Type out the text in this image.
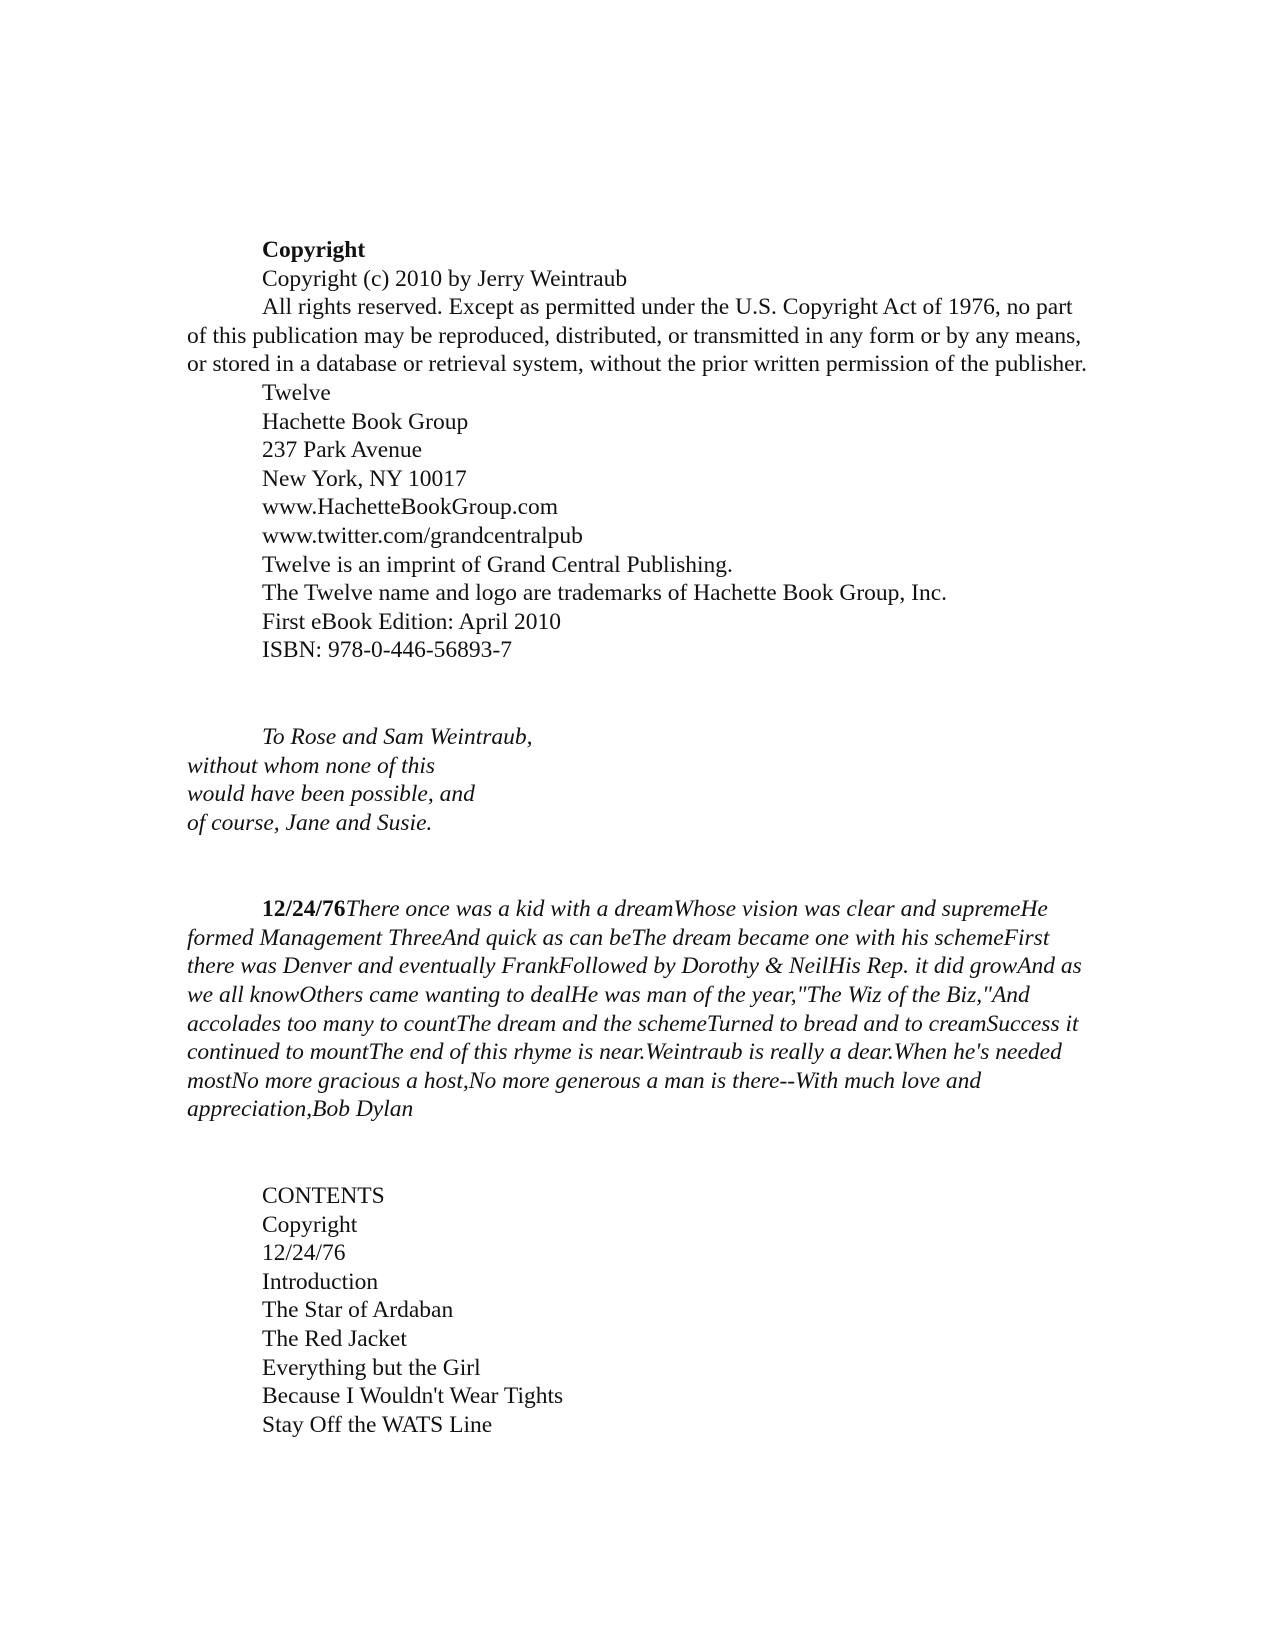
Copyright

Copyright (c) 2010 by Jerry Weintraub

All rights reserved. Except as permitted under the U.S. Copyright Act of 1976, no part of this publication may be reproduced, distributed, or transmitted in any form or by any means, or stored in a database or retrieval system, without the prior written permission of the publisher.

Twelve

Hachette Book Group

237 Park Avenue

New York, NY 10017

www.HachetteBookGroup.com

www.twitter.com/grandcentralpub

Twelve is an imprint of Grand Central Publishing.

The Twelve name and logo are trademarks of Hachette Book Group, Inc.

First eBook Edition: April 2010

ISBN: 978-0-446-56893-7

To Rose and Sam Weintraub,
without whom none of this
would have been possible, and
of course, Jane and Susie.

12/24/76There once was a kid with a dreamWhose vision was clear and supremeHe formed Management ThreeAnd quick as can beThe dream became one with his schemeFirst there was Denver and eventually FrankFollowed by Dorothy & NeilHis Rep. it did growAnd as we all knowOthers came wanting to dealHe was man of the year,"The Wiz of the Biz,"And accolades too many to countThe dream and the schemeTurned to bread and to creamSuccess it continued to mountThe end of this rhyme is near.Weintraub is really a dear.When he's needed mostNo more gracious a host,No more generous a man is there--With much love and appreciation,Bob Dylan

CONTENTS

Copyright

12/24/76

Introduction

The Star of Ardaban

The Red Jacket

Everything but the Girl

Because I Wouldn't Wear Tights

Stay Off the WATS Line
